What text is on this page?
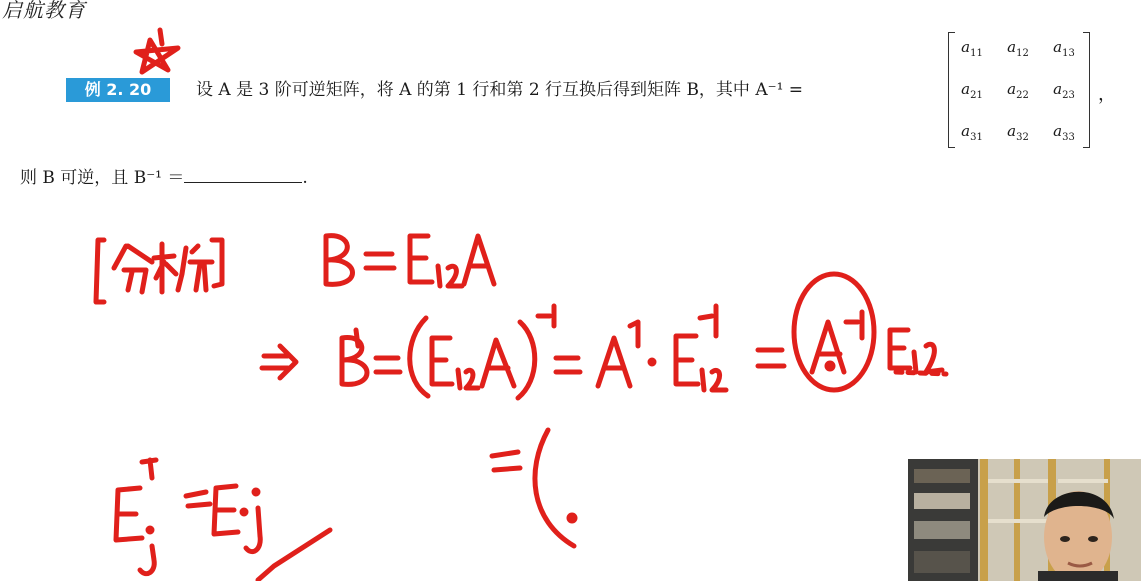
启航教育
例 2. 20	设 A 是 3 阶可逆矩阵，将 A 的第 1 行和第 2 行互换后得到矩阵 B，其中 A⁻¹ =
$a_{11}$	$a_{12}$	$a_{13}$
$a_{21}$	$a_{22}$	$a_{23}$
$a_{31}$	$a_{32}$	$a_{33}$
，
则 B 可逆，且 B⁻¹ ＝	.
